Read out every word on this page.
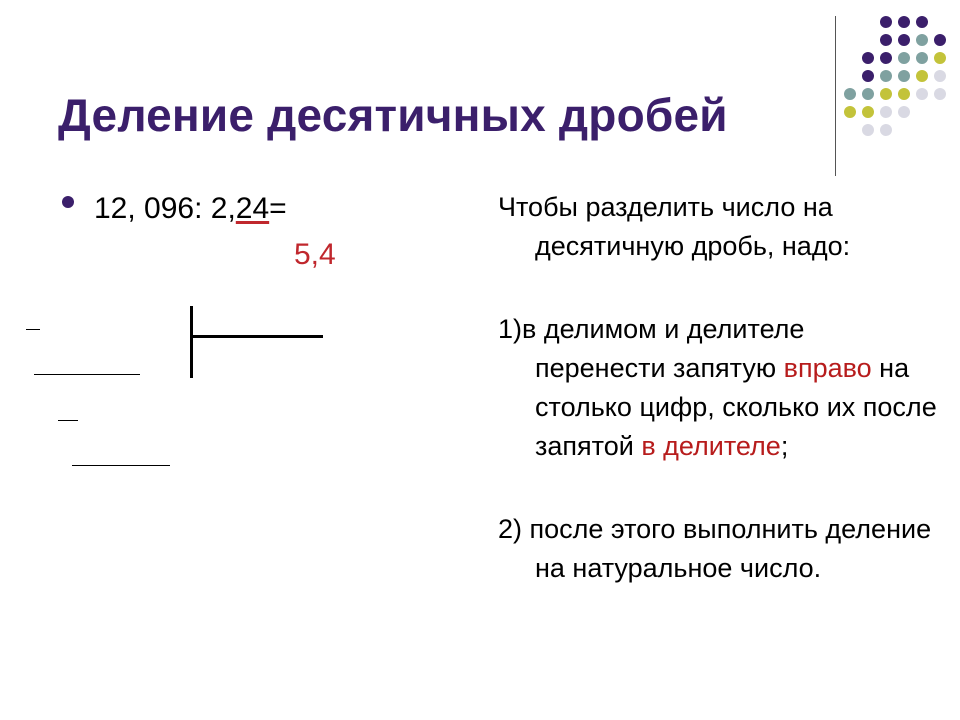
Деление десятичных дробей
12, 096: 2,24=
5,4

Чтобы разделить число на десятичную дробь, надо:

1)в делимом и делителе перенести запятую вправо на столько цифр, сколько их после запятой в делителе;

2) после этого выполнить деление на натуральное число.
